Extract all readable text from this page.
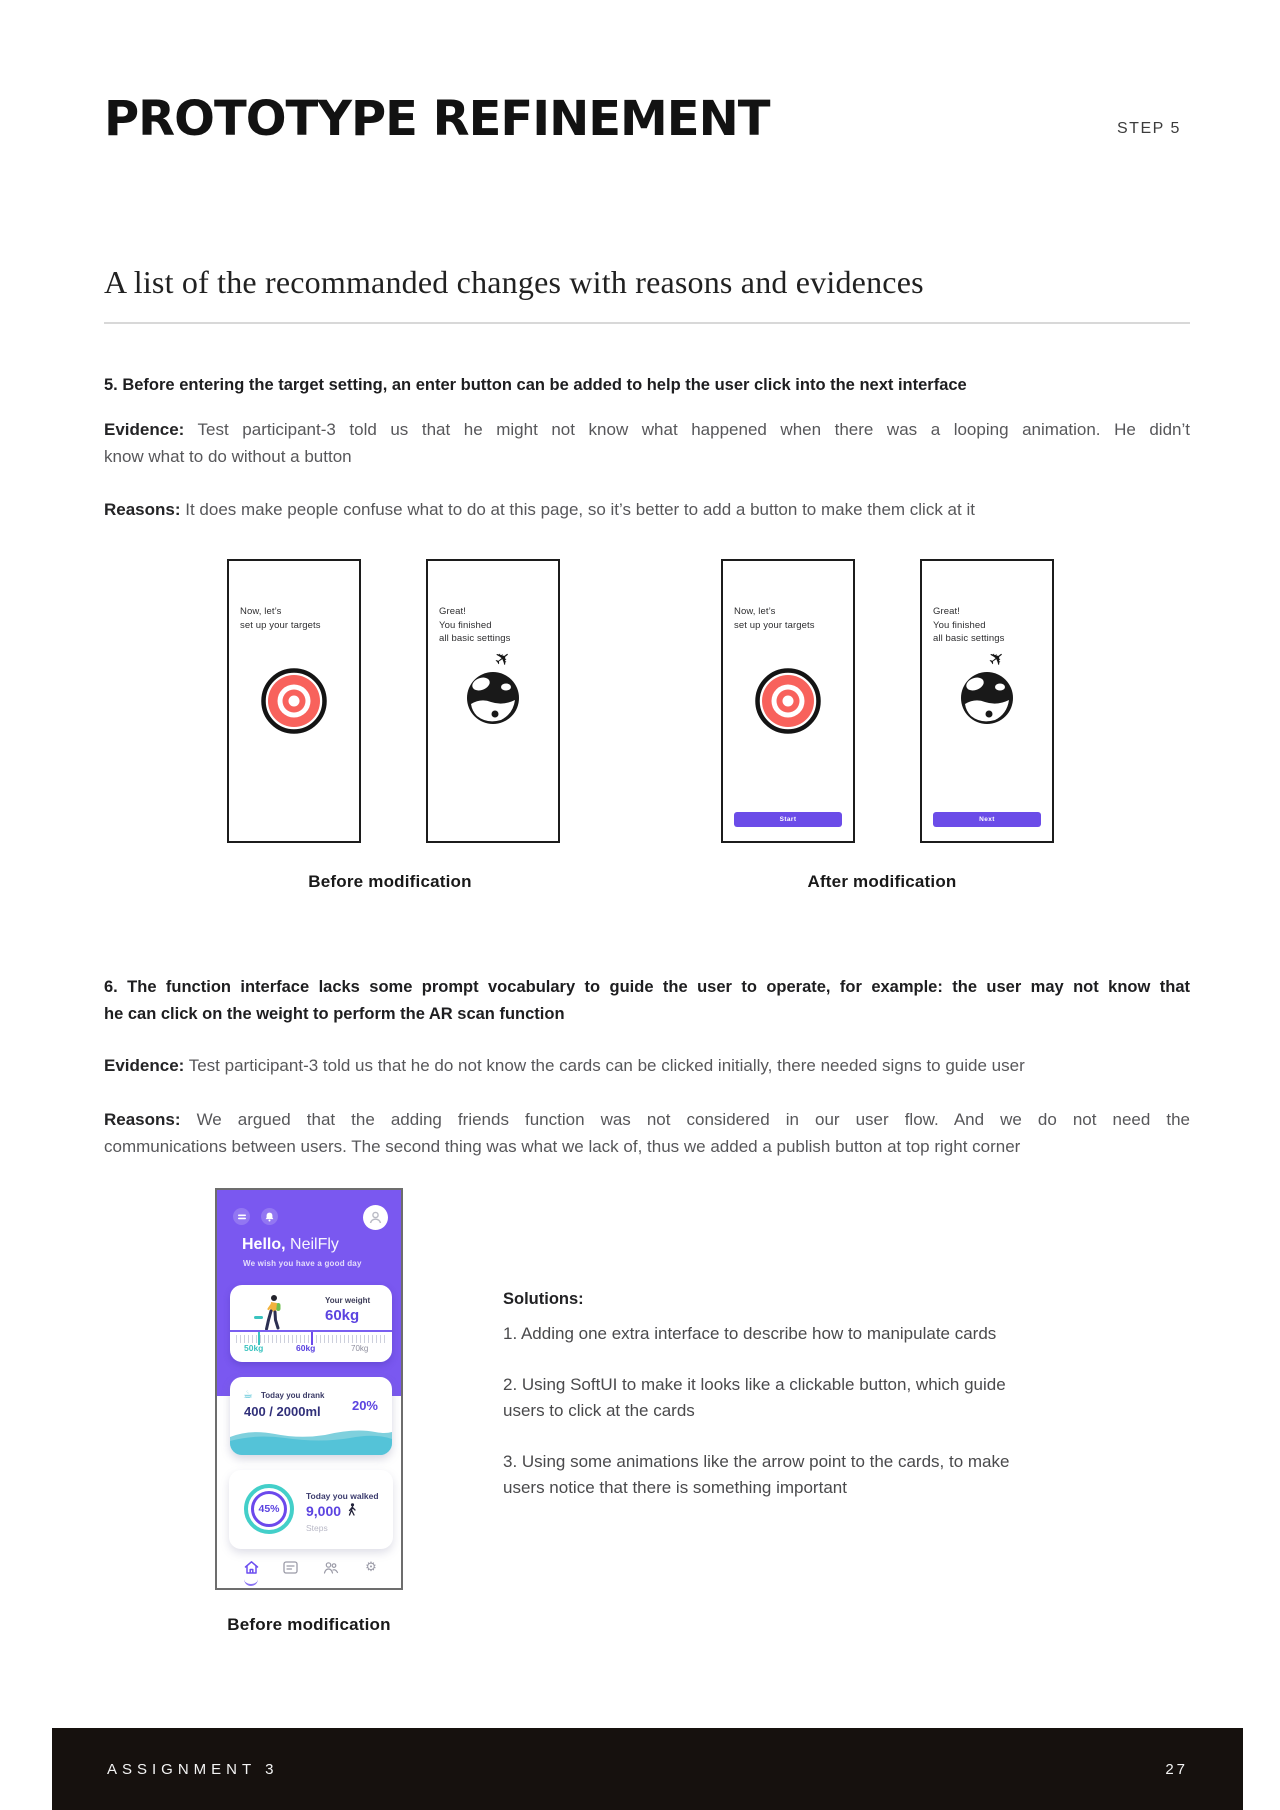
PROTOTYPE REFINEMENT	STEP 5
A list of the recommanded changes with reasons and evidences
5. Before entering the target setting, an enter button can be added to help the user click into the next interface
Evidence: Test participant-3 told us that he might not know what happened when there was a looping animation. He didn’t
know what to do without a button
Reasons: It does make people confuse what to do at this page, so it’s better to add a button to make them click at it
Now, let’s
set up your targets
Great!
You finished
all basic settings
✈
Now, let’s
set up your targets
Start
Great!
You finished
all basic settings
✈
Next
Before modification	After modification
6. The function interface lacks some prompt vocabulary to guide the user to operate, for example: the user may not know that
he can click on the weight to perform the AR scan function
Evidence: Test participant-3 told us that he do not know the cards can be clicked initially, there needed signs to guide user
Reasons: We argued that the adding friends function was not considered in our user flow. And we do not need the
communications between users. The second thing was what we lack of, thus we added a publish button at top right corner
Hello, NeilFly
We wish you have a good day
Your weight
60kg
50kg	60kg	70kg
☕ Today you drank
400 / 2000ml 20%
45%
Today you walked
9,000
Steps
⚙
Before modification
Solutions:
1. Adding one extra interface to describe how to manipulate cards
2. Using SoftUI to make it looks like a clickable button, which guide users to click at the cards
3. Using some animations like the arrow point to the cards, to make users notice that there is something important
ASSIGNMENT 3	27
